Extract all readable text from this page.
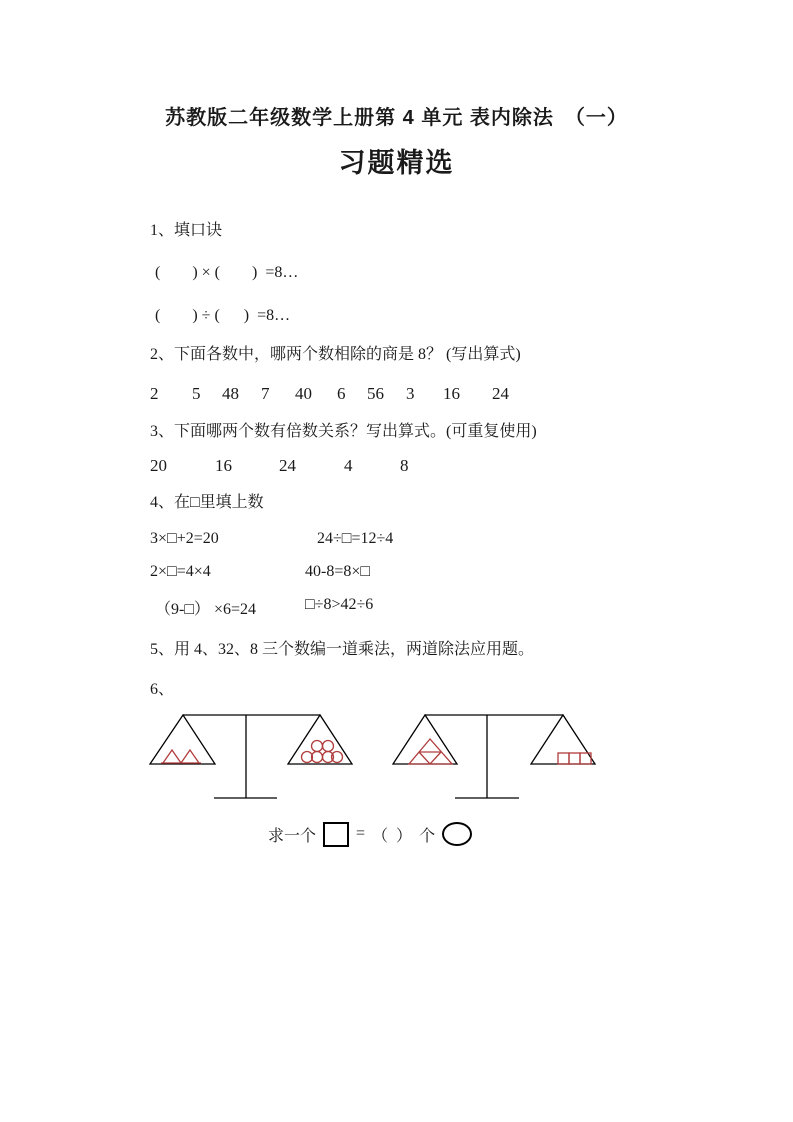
苏教版二年级数学上册第 4 单元 表内除法　（一）
习题精选
1、填口诀
(        ) × (        )  =8…
(        ) ÷ (      )  =8…
2、下面各数中，哪两个数相除的商是 8？ (写出算式)
2 5 48 7 40 6 56 3 16 24
3、下面哪两个数有倍数关系？写出算式。(可重复使用)
20	16	24	4	8
4、在□里填上数
3×□+2=20	24÷□=12÷4
2×□=4×4	40-8=8×□
（9-□） ×6=24	□÷8>42÷6
5、用 4、32、8 三个数编一道乘法，两道除法应用题。
6、
求一个	= （  ） 个
